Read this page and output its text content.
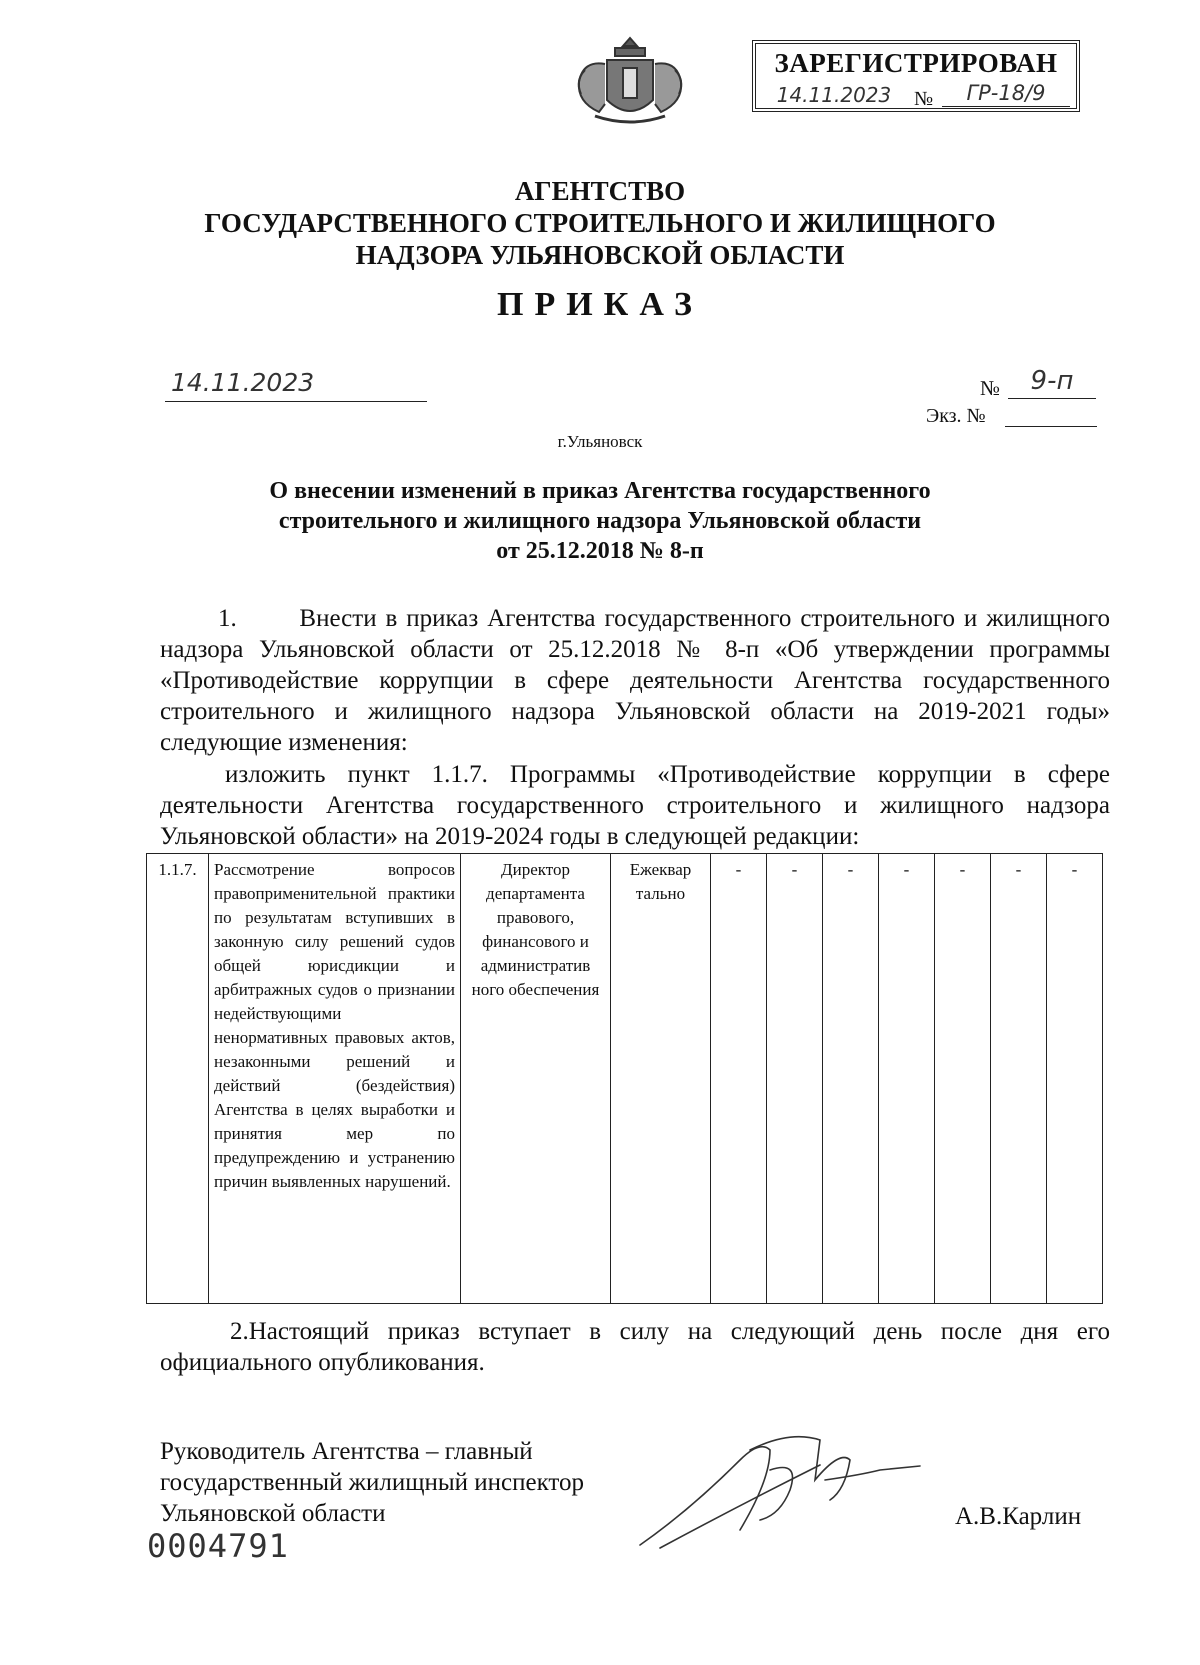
ЗАРЕГИСТРИРОВАН
14.11.2023	№	ГР-18/9
АГЕНТСТВО
ГОСУДАРСТВЕННОГО СТРОИТЕЛЬНОГО И ЖИЛИЩНОГО
НАДЗОРА УЛЬЯНОВСКОЙ ОБЛАСТИ
ПРИКАЗ
14.11.2023	№	9-п
Экз. №
г.Ульяновск
О внесении изменений в приказ Агентства государственного
строительного и жилищного надзора Ульяновской области
от 25.12.2018 № 8-п
1.       Внести в приказ Агентства государственного строительного и жилищного надзора Ульяновской области от 25.12.2018 № 8-п «Об утверждении программы «Противодействие коррупции в сфере деятельности Агентства государственного строительного и жилищного надзора Ульяновской области на 2019-2021 годы» следующие изменения:
изложить пункт 1.1.7. Программы «Противодействие коррупции в сфере деятельности Агентства государственного строительного и жилищного надзора Ульяновской области» на 2019-2024 годы в следующей редакции:
1.1.7.	Рассмотрение вопросов правоприменительной практики по результатам вступивших в законную силу решений судов общей юрисдикции и арбитражных судов о признании недействующими ненормативных правовых актов, незаконными решений и действий (бездействия) Агентства в целях выработки и принятия мер по предупреждению и устранению причин выявленных нарушений.	Директор департамента правового, финансового и административ ного обеспечения	Ежеквар тально	-	-	-	-	-	-	-
2.Настоящий приказ вступает в силу на следующий день после дня его официального опубликования.
Руководитель Агентства – главный
государственный жилищный инспектор
Ульяновской области	А.В.Карлин
0004791
